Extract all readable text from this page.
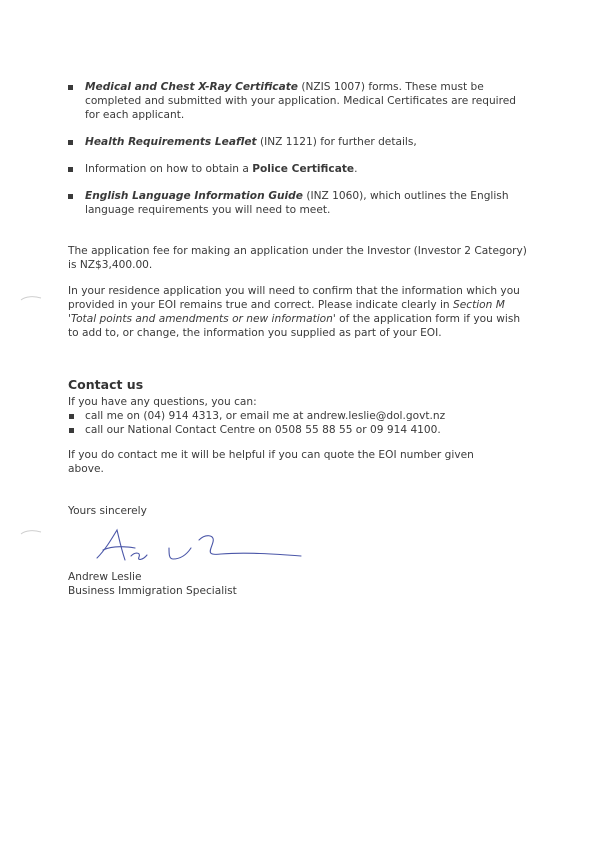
Medical and Chest X-Ray Certificate (NZIS 1007) forms. These must be completed and submitted with your application. Medical Certificates are required for each applicant.
Health Requirements Leaflet (INZ 1121) for further details,
Information on how to obtain a Police Certificate.
English Language Information Guide (INZ 1060), which outlines the English language requirements you will need to meet.
The application fee for making an application under the Investor (Investor 2 Category) is NZ$3,400.00.
In your residence application you will need to confirm that the information which you provided in your EOI remains true and correct. Please indicate clearly in Section M 'Total points and amendments or new information' of the application form if you wish to add to, or change, the information you supplied as part of your EOI.
Contact us
If you have any questions, you can:
call me on (04) 914 4313, or email me at andrew.leslie@dol.govt.nz
call our National Contact Centre on 0508 55 88 55 or 09 914 4100.
If you do contact me it will be helpful if you can quote the EOI number given above.
Yours sincerely
Andrew Leslie
Business Immigration Specialist
